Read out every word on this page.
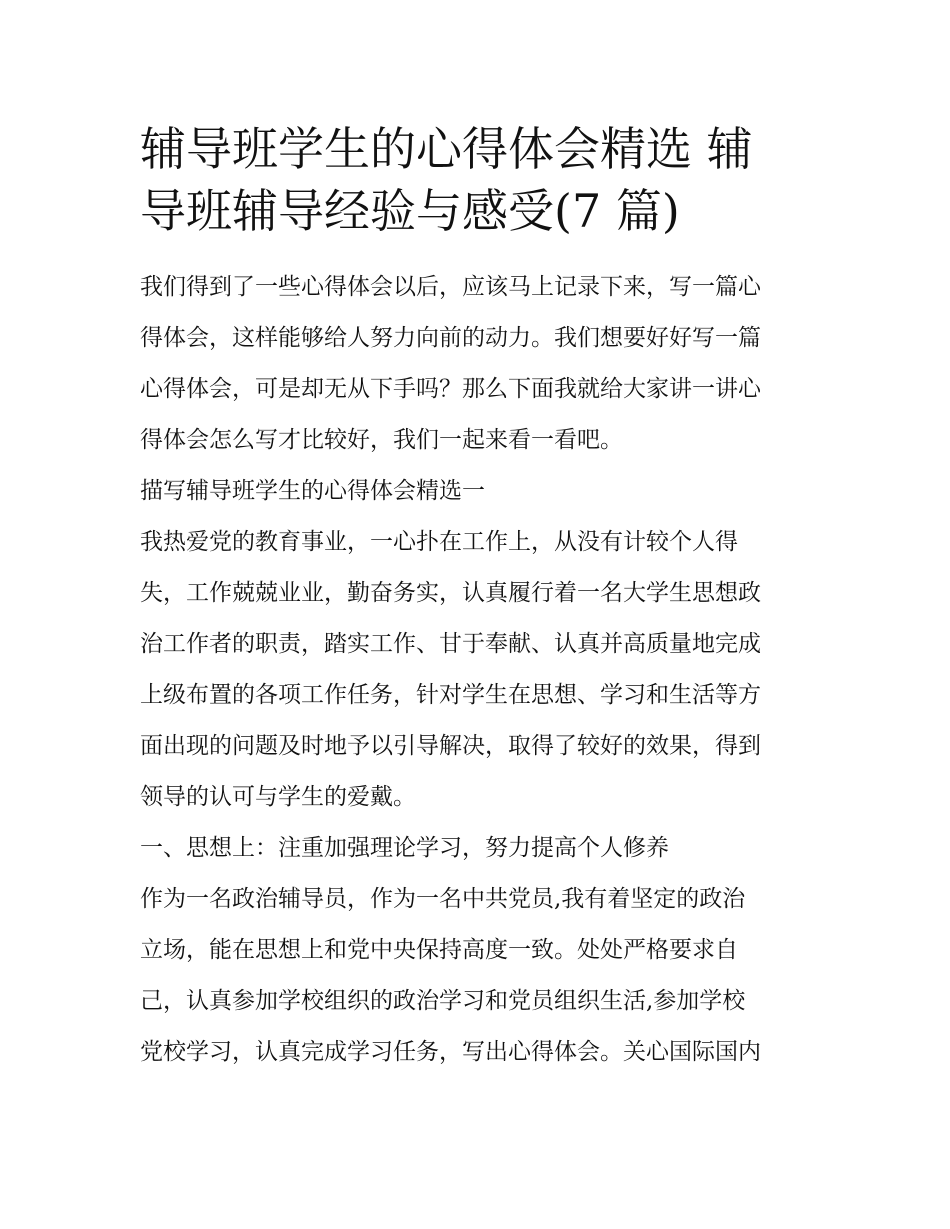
辅导班学生的心得体会精选 辅
导班辅导经验与感受(7 篇)
我们得到了一些心得体会以后，应该马上记录下来，写一篇心
得体会，这样能够给人努力向前的动力。我们想要好好写一篇
心得体会，可是却无从下手吗？那么下面我就给大家讲一讲心
得体会怎么写才比较好，我们一起来看一看吧。
描写辅导班学生的心得体会精选一
我热爱党的教育事业，一心扑在工作上，从没有计较个人得
失，工作兢兢业业，勤奋务实，认真履行着一名大学生思想政
治工作者的职责，踏实工作、甘于奉献、认真并高质量地完成
上级布置的各项工作任务，针对学生在思想、学习和生活等方
面出现的问题及时地予以引导解决，取得了较好的效果，得到
领导的认可与学生的爱戴。
一、思想上：注重加强理论学习，努力提高个人修养
作为一名政治辅导员，作为一名中共党员,我有着坚定的政治
立场，能在思想上和党中央保持高度一致。处处严格要求自
己，认真参加学校组织的政治学习和党员组织生活,参加学校
党校学习，认真完成学习任务，写出心得体会。关心国际国内
